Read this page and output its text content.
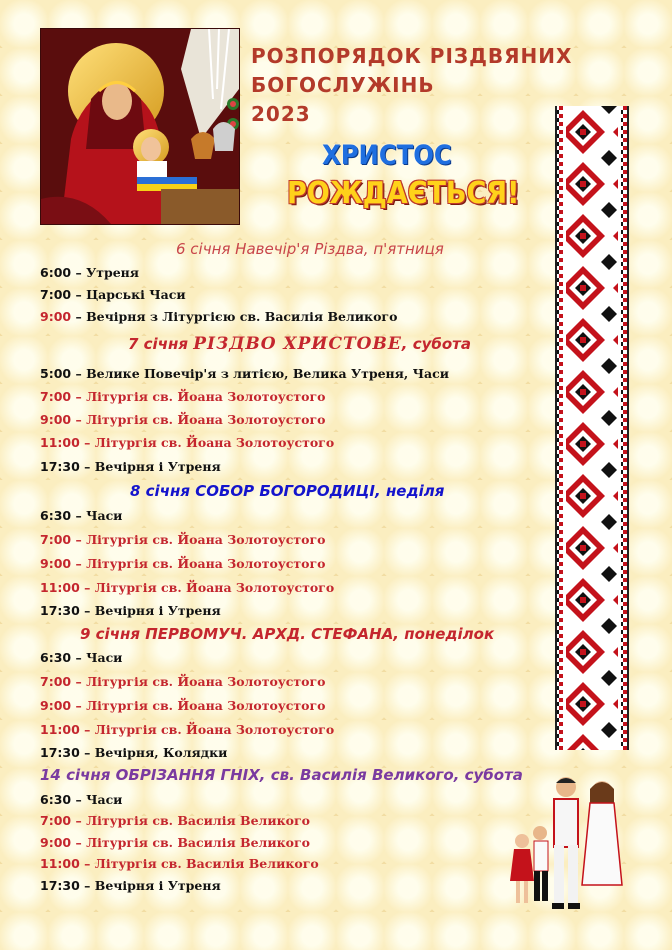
РОЗПОРЯДОК РІЗДВЯНИХ
БОГОСЛУЖІНЬ
2023
ХРИСТОС
РОЖДАЄТЬСЯ!
6 січня Навечір'я Різдва, п'ятниця
6:00 – Утреня
7:00 – Царські Часи
9:00 – Вечірня з Літургією св. Василія Великого
7 січня РІЗДВО ХРИСТОВЕ, субота
5:00 – Велике Повечір'я з литією, Велика Утреня, Часи
7:00 – Літургія св. Йоана Золотоустого
9:00 – Літургія св. Йоана Золотоустого
11:00 – Літургія св. Йоана Золотоустого
17:30 – Вечірня і Утреня
8 січня СОБОР БОГОРОДИЦІ, неділя
6:30 – Часи
7:00 – Літургія св. Йоана Золотоустого
9:00 – Літургія св. Йоана Золотоустого
11:00 – Літургія св. Йоана Золотоустого
17:30 – Вечірня і Утреня
9 січня ПЕРВОМУЧ. АРХД. СТЕФАНА, понеділок
6:30 – Часи
7:00 – Літургія св. Йоана Золотоустого
9:00 – Літургія св. Йоана Золотоустого
11:00 – Літургія св. Йоана Золотоустого
17:30 – Вечірня, Колядки
14 січня ОБРІЗАННЯ ГНІХ, св. Василія Великого, субота
6:30 – Часи
7:00 – Літургія св. Василія Великого
9:00 – Літургія св. Василія Великого
11:00 – Літургія св. Василія Великого
17:30 – Вечірня і Утреня
